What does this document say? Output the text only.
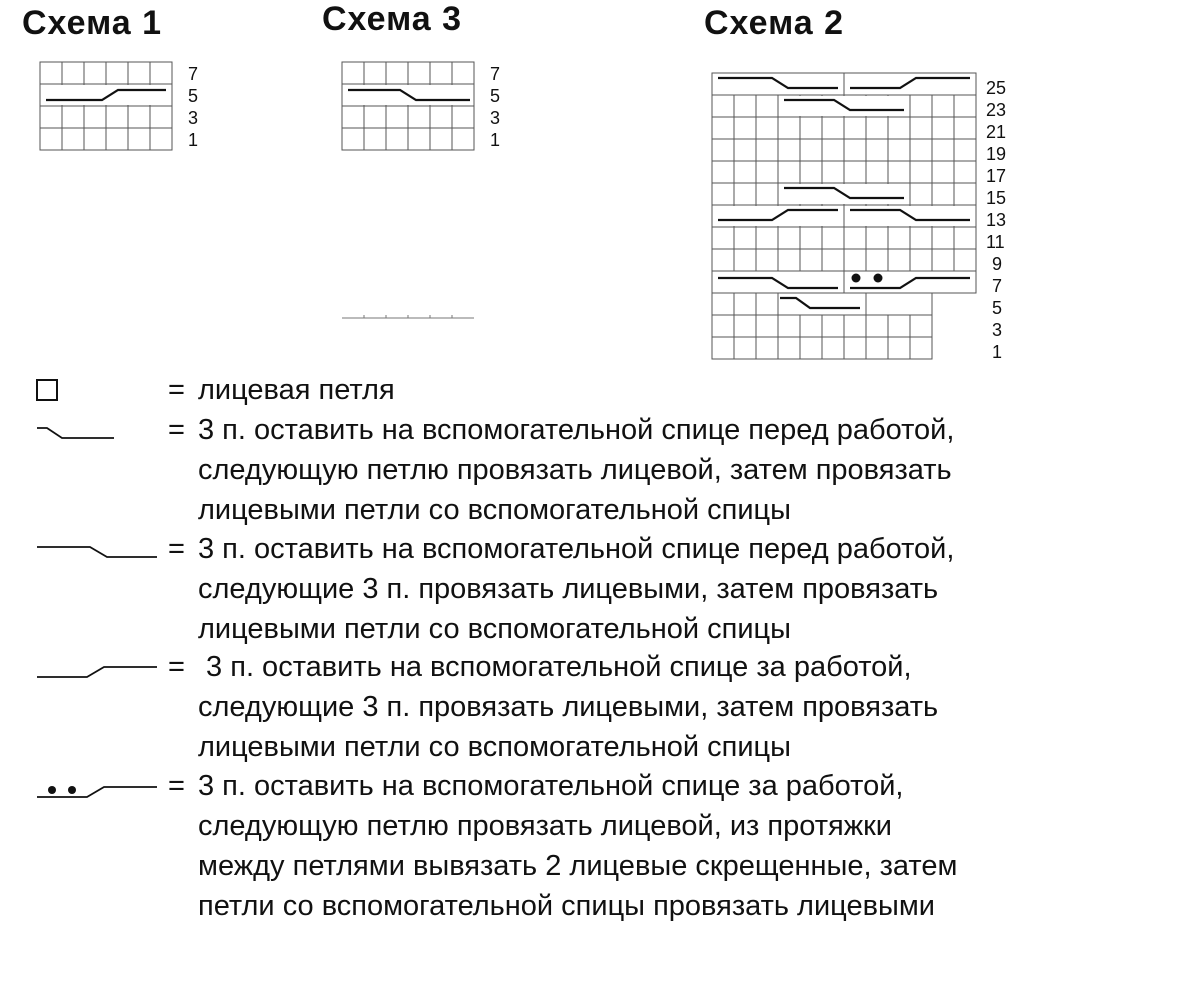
Схема 1	Схема 3	Схема 2
7
5
3
1
7
5
3
1
25
23
21
19
17
15
13
11
9
7
5
3
1
= лицевая петля
= 3 п. оставить на вспомогательной спице перед работой,
следующую петлю провязать лицевой, затем провязать
лицевыми петли со вспомогательной спицы
= 3 п. оставить на вспомогательной спице перед работой,
следующие 3 п. провязать лицевыми, затем провязать
лицевыми петли со вспомогательной спицы
= 3 п. оставить на вспомогательной спице за работой,
следующие 3 п. провязать лицевыми, затем провязать
лицевыми петли со вспомогательной спицы
= 3 п. оставить на вспомогательной спице за работой,
следующую петлю провязать лицевой, из протяжки
между петлями вывязать 2 лицевые скрещенные, затем
петли со вспомогательной спицы провязать лицевыми
